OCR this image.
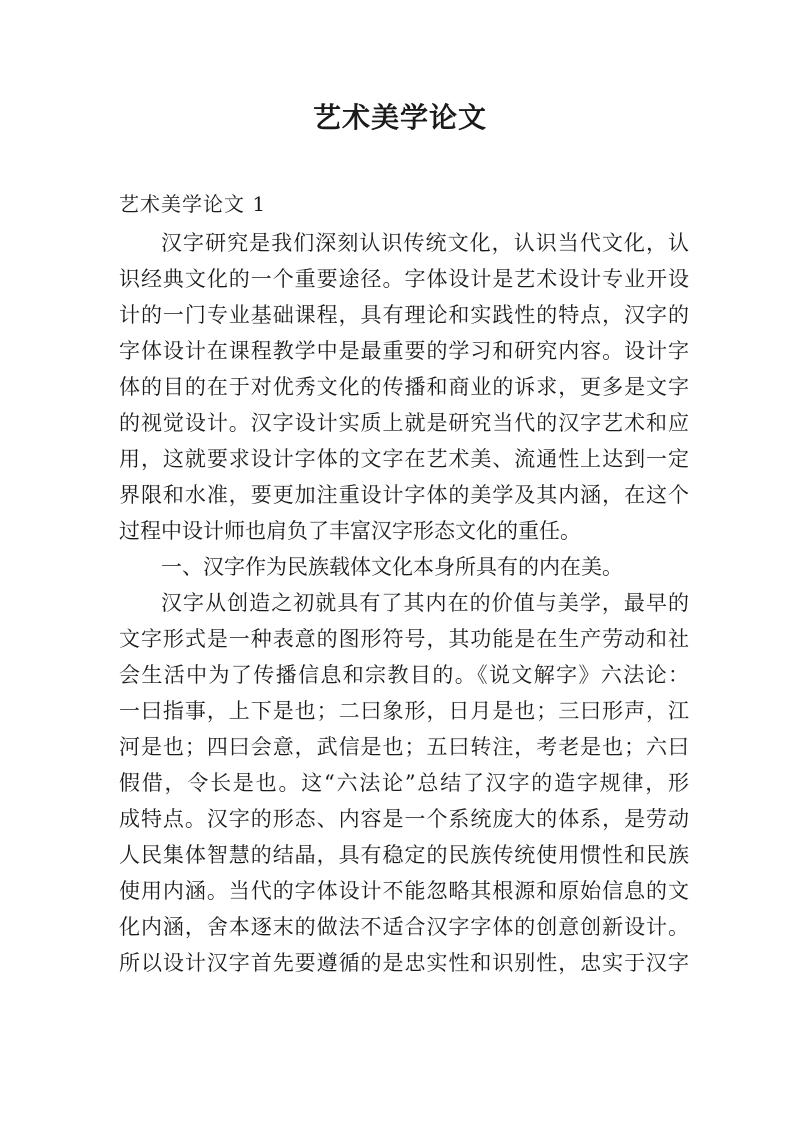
艺术美学论文
艺术美学论文 1
汉字研究是我们深刻认识传统文化，认识当代文化，认
识经典文化的一个重要途径。字体设计是艺术设计专业开设
计的一门专业基础课程，具有理论和实践性的特点，汉字的
字体设计在课程教学中是最重要的学习和研究内容。设计字
体的目的在于对优秀文化的传播和商业的诉求，更多是文字
的视觉设计。汉字设计实质上就是研究当代的汉字艺术和应
用，这就要求设计字体的文字在艺术美、流通性上达到一定
界限和水准，要更加注重设计字体的美学及其内涵，在这个
过程中设计师也肩负了丰富汉字形态文化的重任。
一、汉字作为民族载体文化本身所具有的内在美。
汉字从创造之初就具有了其内在的价值与美学，最早的
文字形式是一种表意的图形符号，其功能是在生产劳动和社
会生活中为了传播信息和宗教目的。《说文解字》六法论：
一曰指事，上下是也；二曰象形，日月是也；三曰形声，江
河是也；四曰会意，武信是也；五曰转注，考老是也；六曰
假借，令长是也。这“六法论”总结了汉字的造字规律，形
成特点。汉字的形态、内容是一个系统庞大的体系，是劳动
人民集体智慧的结晶，具有稳定的民族传统使用惯性和民族
使用内涵。当代的字体设计不能忽略其根源和原始信息的文
化内涵，舍本逐末的做法不适合汉字字体的创意创新设计。
所以设计汉字首先要遵循的是忠实性和识别性，忠实于汉字
